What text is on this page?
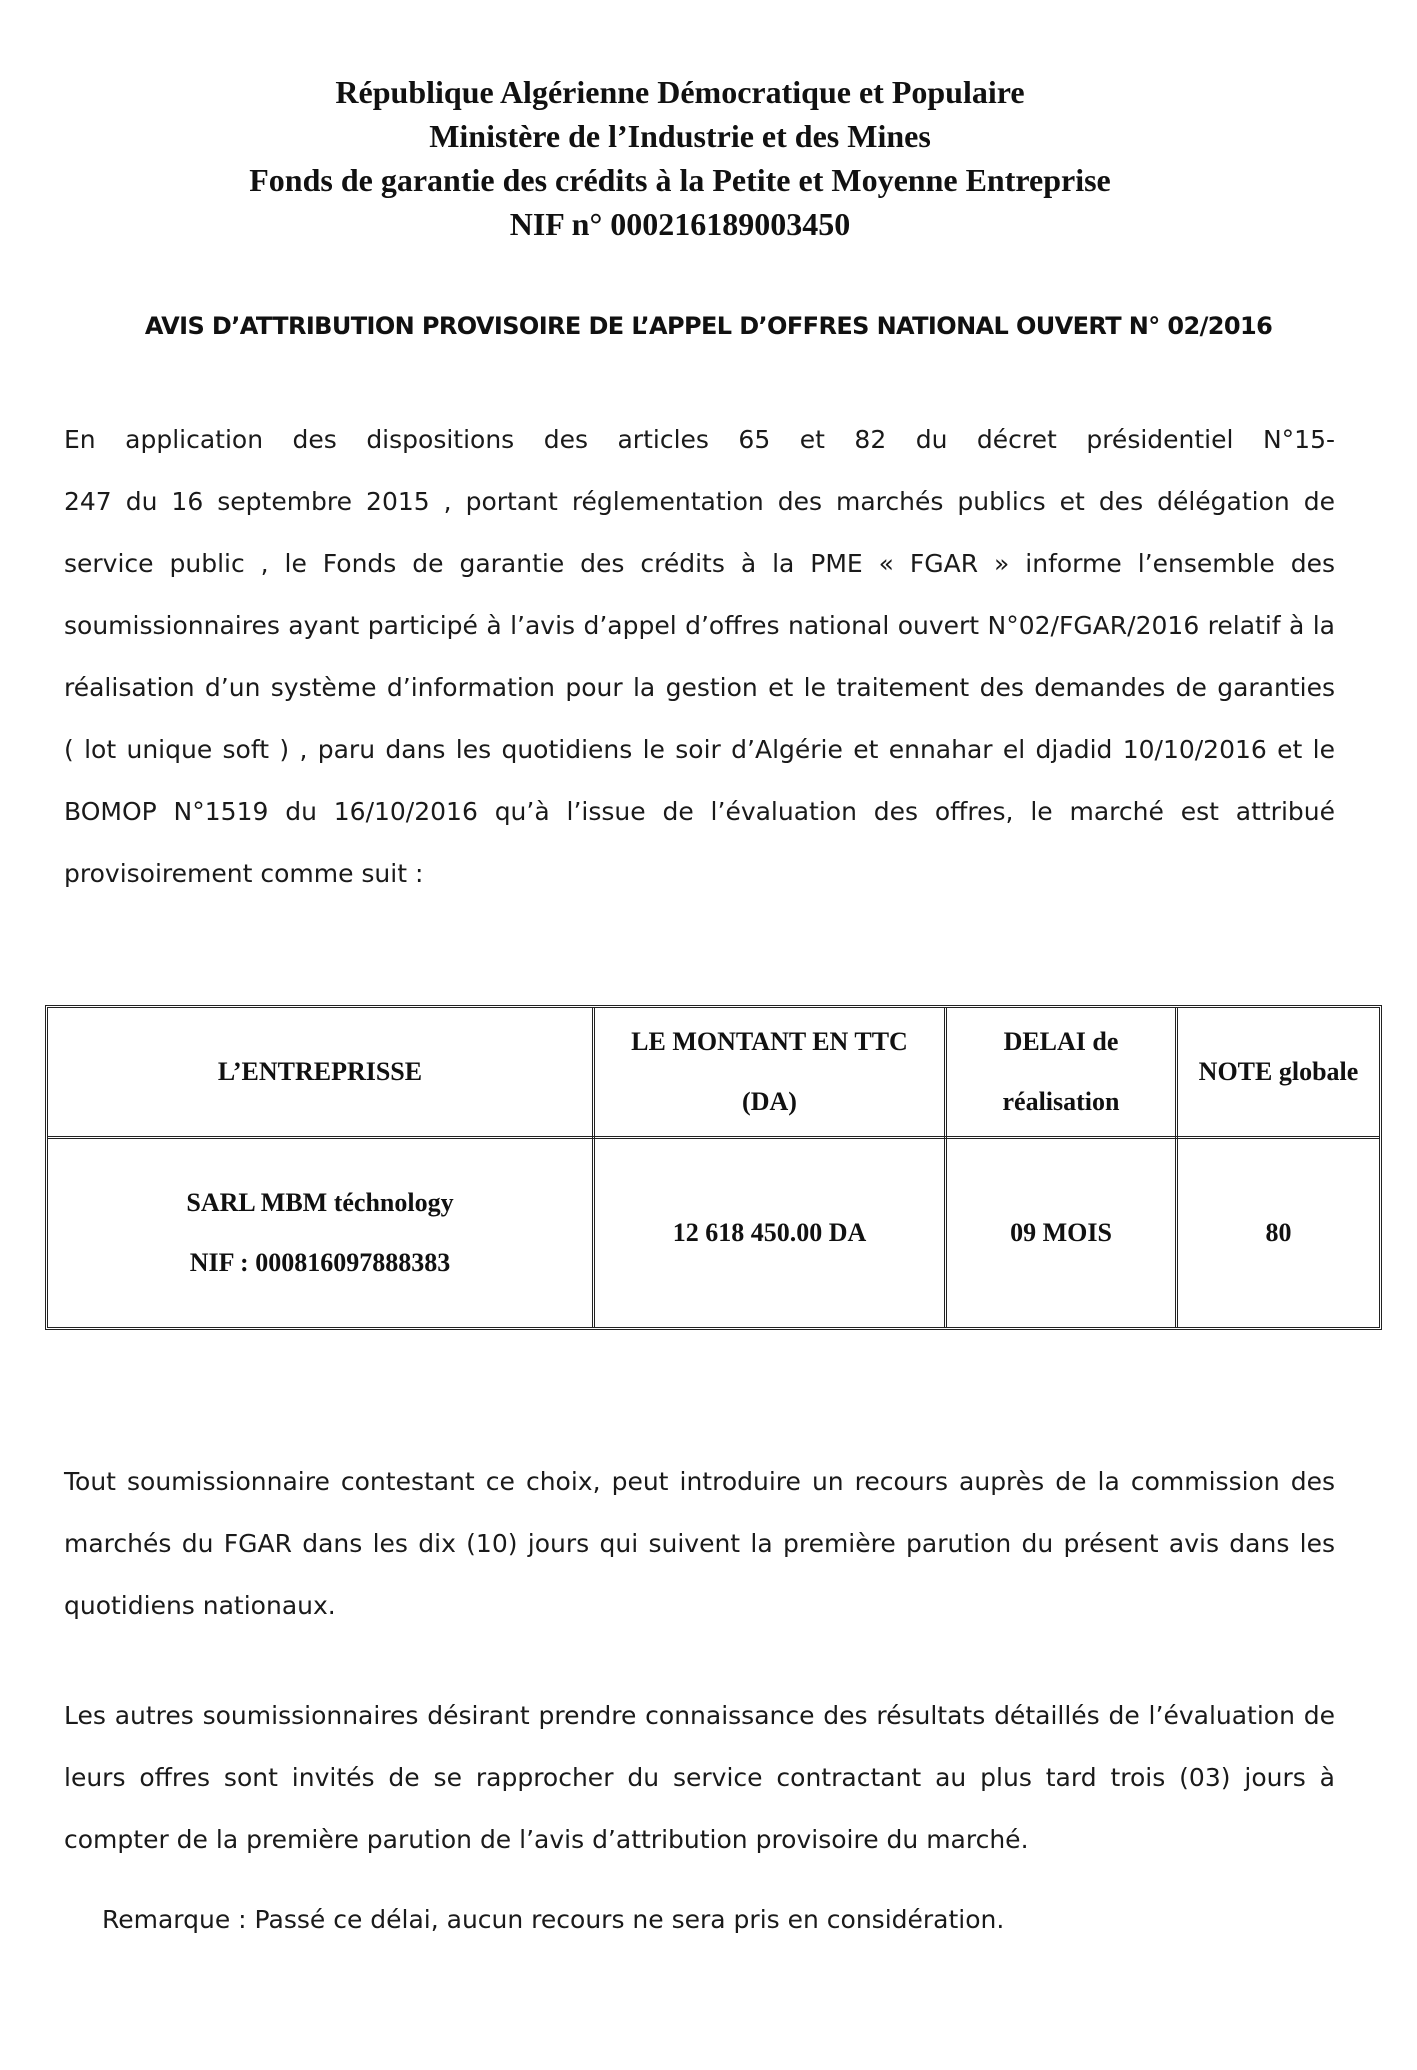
République Algérienne Démocratique et Populaire
Ministère de l’Industrie et des Mines
Fonds de garantie des crédits à la Petite et Moyenne Entreprise
NIF n° 000216189003450
AVIS D’ATTRIBUTION PROVISOIRE DE L’APPEL D’OFFRES NATIONAL OUVERT N° 02/2016
En application des dispositions des articles 65 et 82 du décret présidentiel N°15-
247 du 16 septembre 2015 , portant réglementation des marchés publics et des délégation de
service public , le Fonds de garantie des crédits à la PME « FGAR » informe l’ensemble des
soumissionnaires ayant participé à l’avis d’appel d’offres national ouvert N°02/FGAR/2016 relatif à la
réalisation d’un système d’information pour la gestion et le traitement des demandes de garanties
( lot unique soft ) , paru dans les quotidiens le soir d’Algérie et ennahar el djadid 10/10/2016 et le
BOMOP N°1519 du 16/10/2016 qu’à l’issue de l’évaluation des offres, le marché est attribué
provisoirement comme suit :
L’ENTREPRISSE
LE MONTANT EN TTC
(DA)
DELAI de
réalisation
NOTE globale
SARL MBM téchnology
NIF : 000816097888383
12 618 450.00 DA	09 MOIS	80
Tout soumissionnaire contestant ce choix, peut introduire un recours auprès de la commission des
marchés du FGAR dans les dix (10) jours qui suivent la première parution du présent avis dans les
quotidiens nationaux.
Les autres soumissionnaires désirant prendre connaissance des résultats détaillés de l’évaluation de
leurs offres sont invités de se rapprocher du service contractant au plus tard trois (03) jours à
compter de la première parution de l’avis d’attribution provisoire du marché.
Remarque : Passé ce délai, aucun recours ne sera pris en considération.
